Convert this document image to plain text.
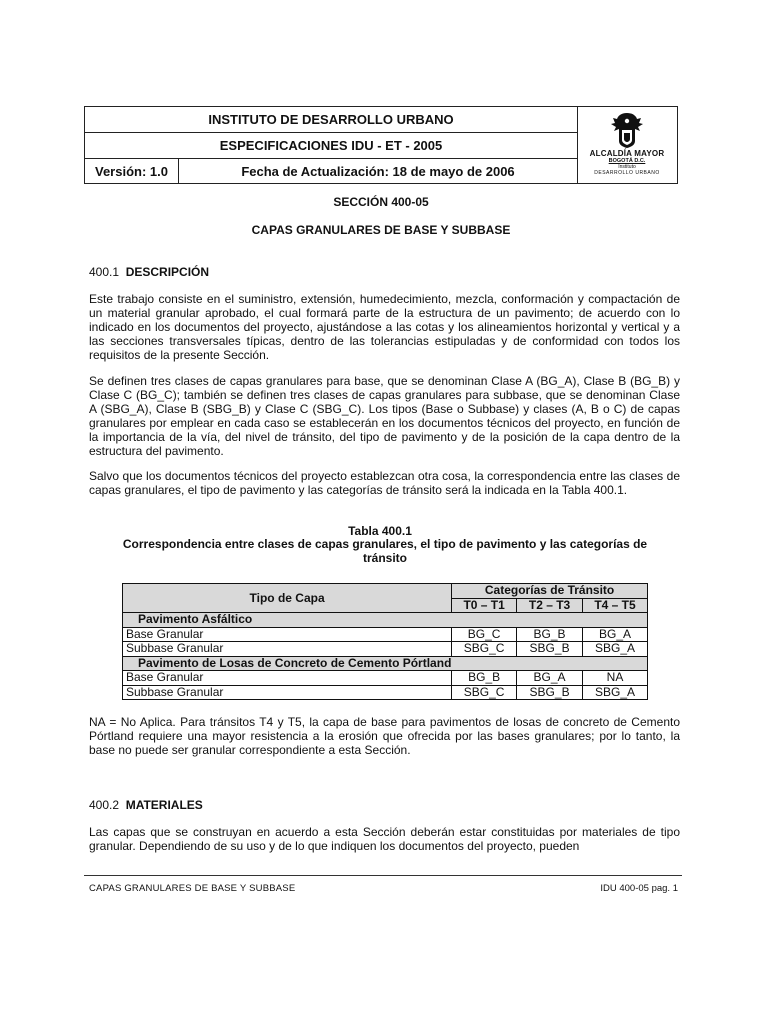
INSTITUTO DE DESARROLLO URBANO
ESPECIFICACIONES IDU - ET - 2005
Versión: 1.0	Fecha de Actualización: 18 de mayo de 2006
ALCALDÍA MAYOR
BOGOTÁ D.C.
Instituto
DESARROLLO URBANO
SECCIÓN 400-05
CAPAS GRANULARES DE BASE Y SUBBASE
400.1 DESCRIPCIÓN
Este trabajo consiste en el suministro, extensión, humedecimiento, mezcla, conformación y compactación de un material granular aprobado, el cual formará parte de la estructura de un pavimento; de acuerdo con lo indicado en los documentos del proyecto, ajustándose a las cotas y los alineamientos horizontal y vertical y a las secciones transversales típicas, dentro de las tolerancias estipuladas y de conformidad con todos los requisitos de la presente Sección.
Se definen tres clases de capas granulares para base, que se denominan Clase A (BG_A), Clase B (BG_B) y Clase C (BG_C); también se definen tres clases de capas granulares para subbase, que se denominan Clase A (SBG_A), Clase B (SBG_B) y Clase C (SBG_C). Los tipos (Base o Subbase) y clases (A, B o C) de capas granulares por emplear en cada caso se establecerán en los documentos técnicos del proyecto, en función de la importancia de la vía, del nivel de tránsito, del tipo de pavimento y de la posición de la capa dentro de la estructura del pavimento.
Salvo que los documentos técnicos del proyecto establezcan otra cosa, la correspondencia entre las clases de capas granulares, el tipo de pavimento y las categorías de tránsito será la indicada en la Tabla 400.1.
Tabla 400.1
Correspondencia entre clases de capas granulares, el tipo de pavimento y las categorías de tránsito
Tipo de Capa	Categorías de Tránsito		
	T0 – T1	T2 – T3	T4 – T5
Pavimento Asfáltico			
Base Granular	BG_C	BG_B	BG_A
Subbase Granular	SBG_C	SBG_B	SBG_A
Pavimento de Losas de Concreto de Cemento Pórtland			
Base Granular	BG_B	BG_A	NA
Subbase Granular	SBG_C	SBG_B	SBG_A
NA = No Aplica. Para tránsitos T4 y T5, la capa de base para pavimentos de losas de concreto de Cemento Pórtland requiere una mayor resistencia a la erosión que ofrecida por las bases granulares; por lo tanto, la base no puede ser granular correspondiente a esta Sección.
400.2 MATERIALES
Las capas que se construyan en acuerdo a esta Sección deberán estar constituidas por materiales de tipo granular. Dependiendo de su uso y de lo que indiquen los documentos del proyecto, pueden
CAPAS GRANULARES DE BASE Y SUBBASE	IDU 400-05 pag. 1
